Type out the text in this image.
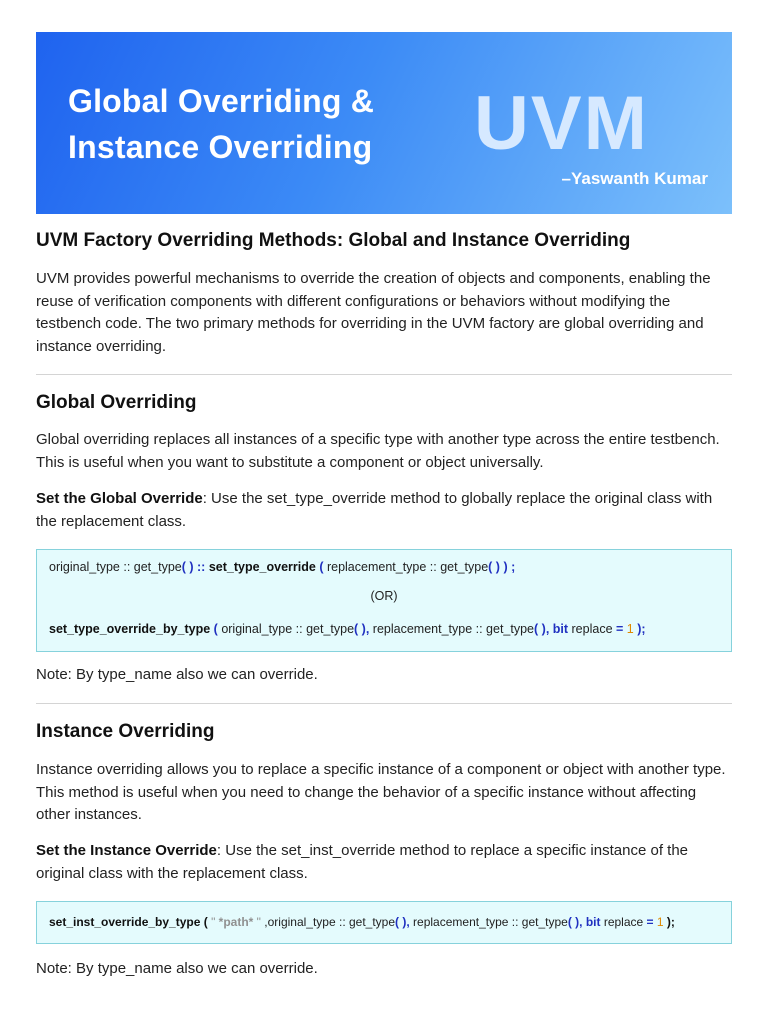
Global Overriding &
Instance Overriding UVM
–Yaswanth Kumar
UVM Factory Overriding Methods: Global and Instance Overriding

UVM provides powerful mechanisms to override the creation of objects and components, enabling the reuse of verification components with different configurations or behaviors without modifying the testbench code. The two primary methods for overriding in the UVM factory are global overriding and instance overriding.

Global Overriding

Global overriding replaces all instances of a specific type with another type across the entire testbench. This is useful when you want to substitute a component or object universally.

Set the Global Override: Use the set_type_override method to globally replace the original class with the replacement class.

original_type :: get_type( ) :: set_type_override ( replacement_type :: get_type( ) ) ;
(OR)
set_type_override_by_type ( original_type :: get_type( ), replacement_type :: get_type( ), bit replace = 1 );

Note: By type_name also we can override.

Instance Overriding

Instance overriding allows you to replace a specific instance of a component or object with another type. This method is useful when you need to change the behavior of a specific instance without affecting other instances.

Set the Instance Override: Use the set_inst_override method to replace a specific instance of the original class with the replacement class.

set_inst_override_by_type ( " *path* " ,original_type :: get_type( ), replacement_type :: get_type( ), bit replace = 1 );

Note: By type_name also we can override.
